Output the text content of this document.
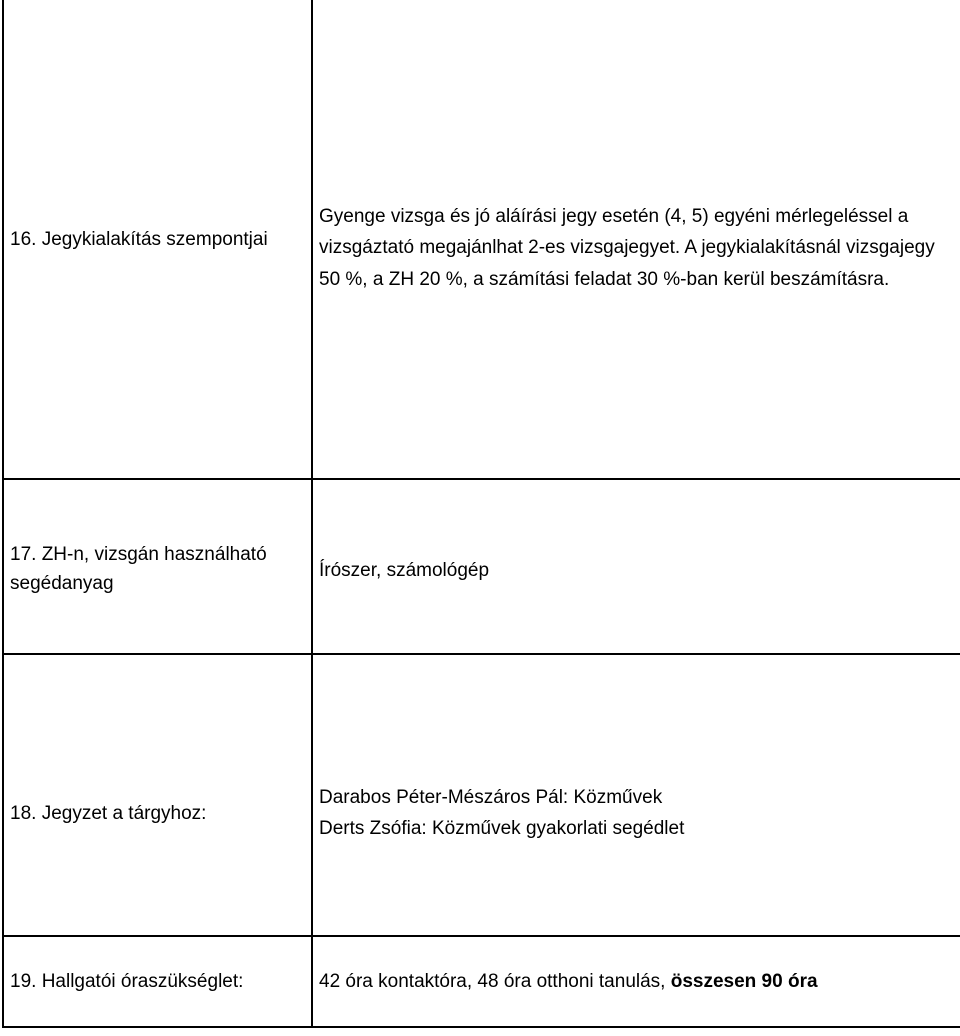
16. Jegykialakítás szempontjai	Gyenge vizsga és jó aláírási jegy esetén (4, 5) egyéni mérlegeléssel a vizsgáztató megajánlhat 2-es vizsgajegyet. A jegykialakításnál vizsgajegy 50 %, a ZH 20 %, a számítási feladat 30 %-ban kerül beszámításra.

17. ZH-n, vizsgán használható segédanyag	Írószer, számológép

18. Jegyzet a tárgyhoz:	Darabos Péter-Mészáros Pál: Közművek
Derts Zsófia: Közművek gyakorlati segédlet

19. Hallgatói óraszükséglet:	42 óra kontaktóra, 48 óra otthoni tanulás, összesen 90 óra
